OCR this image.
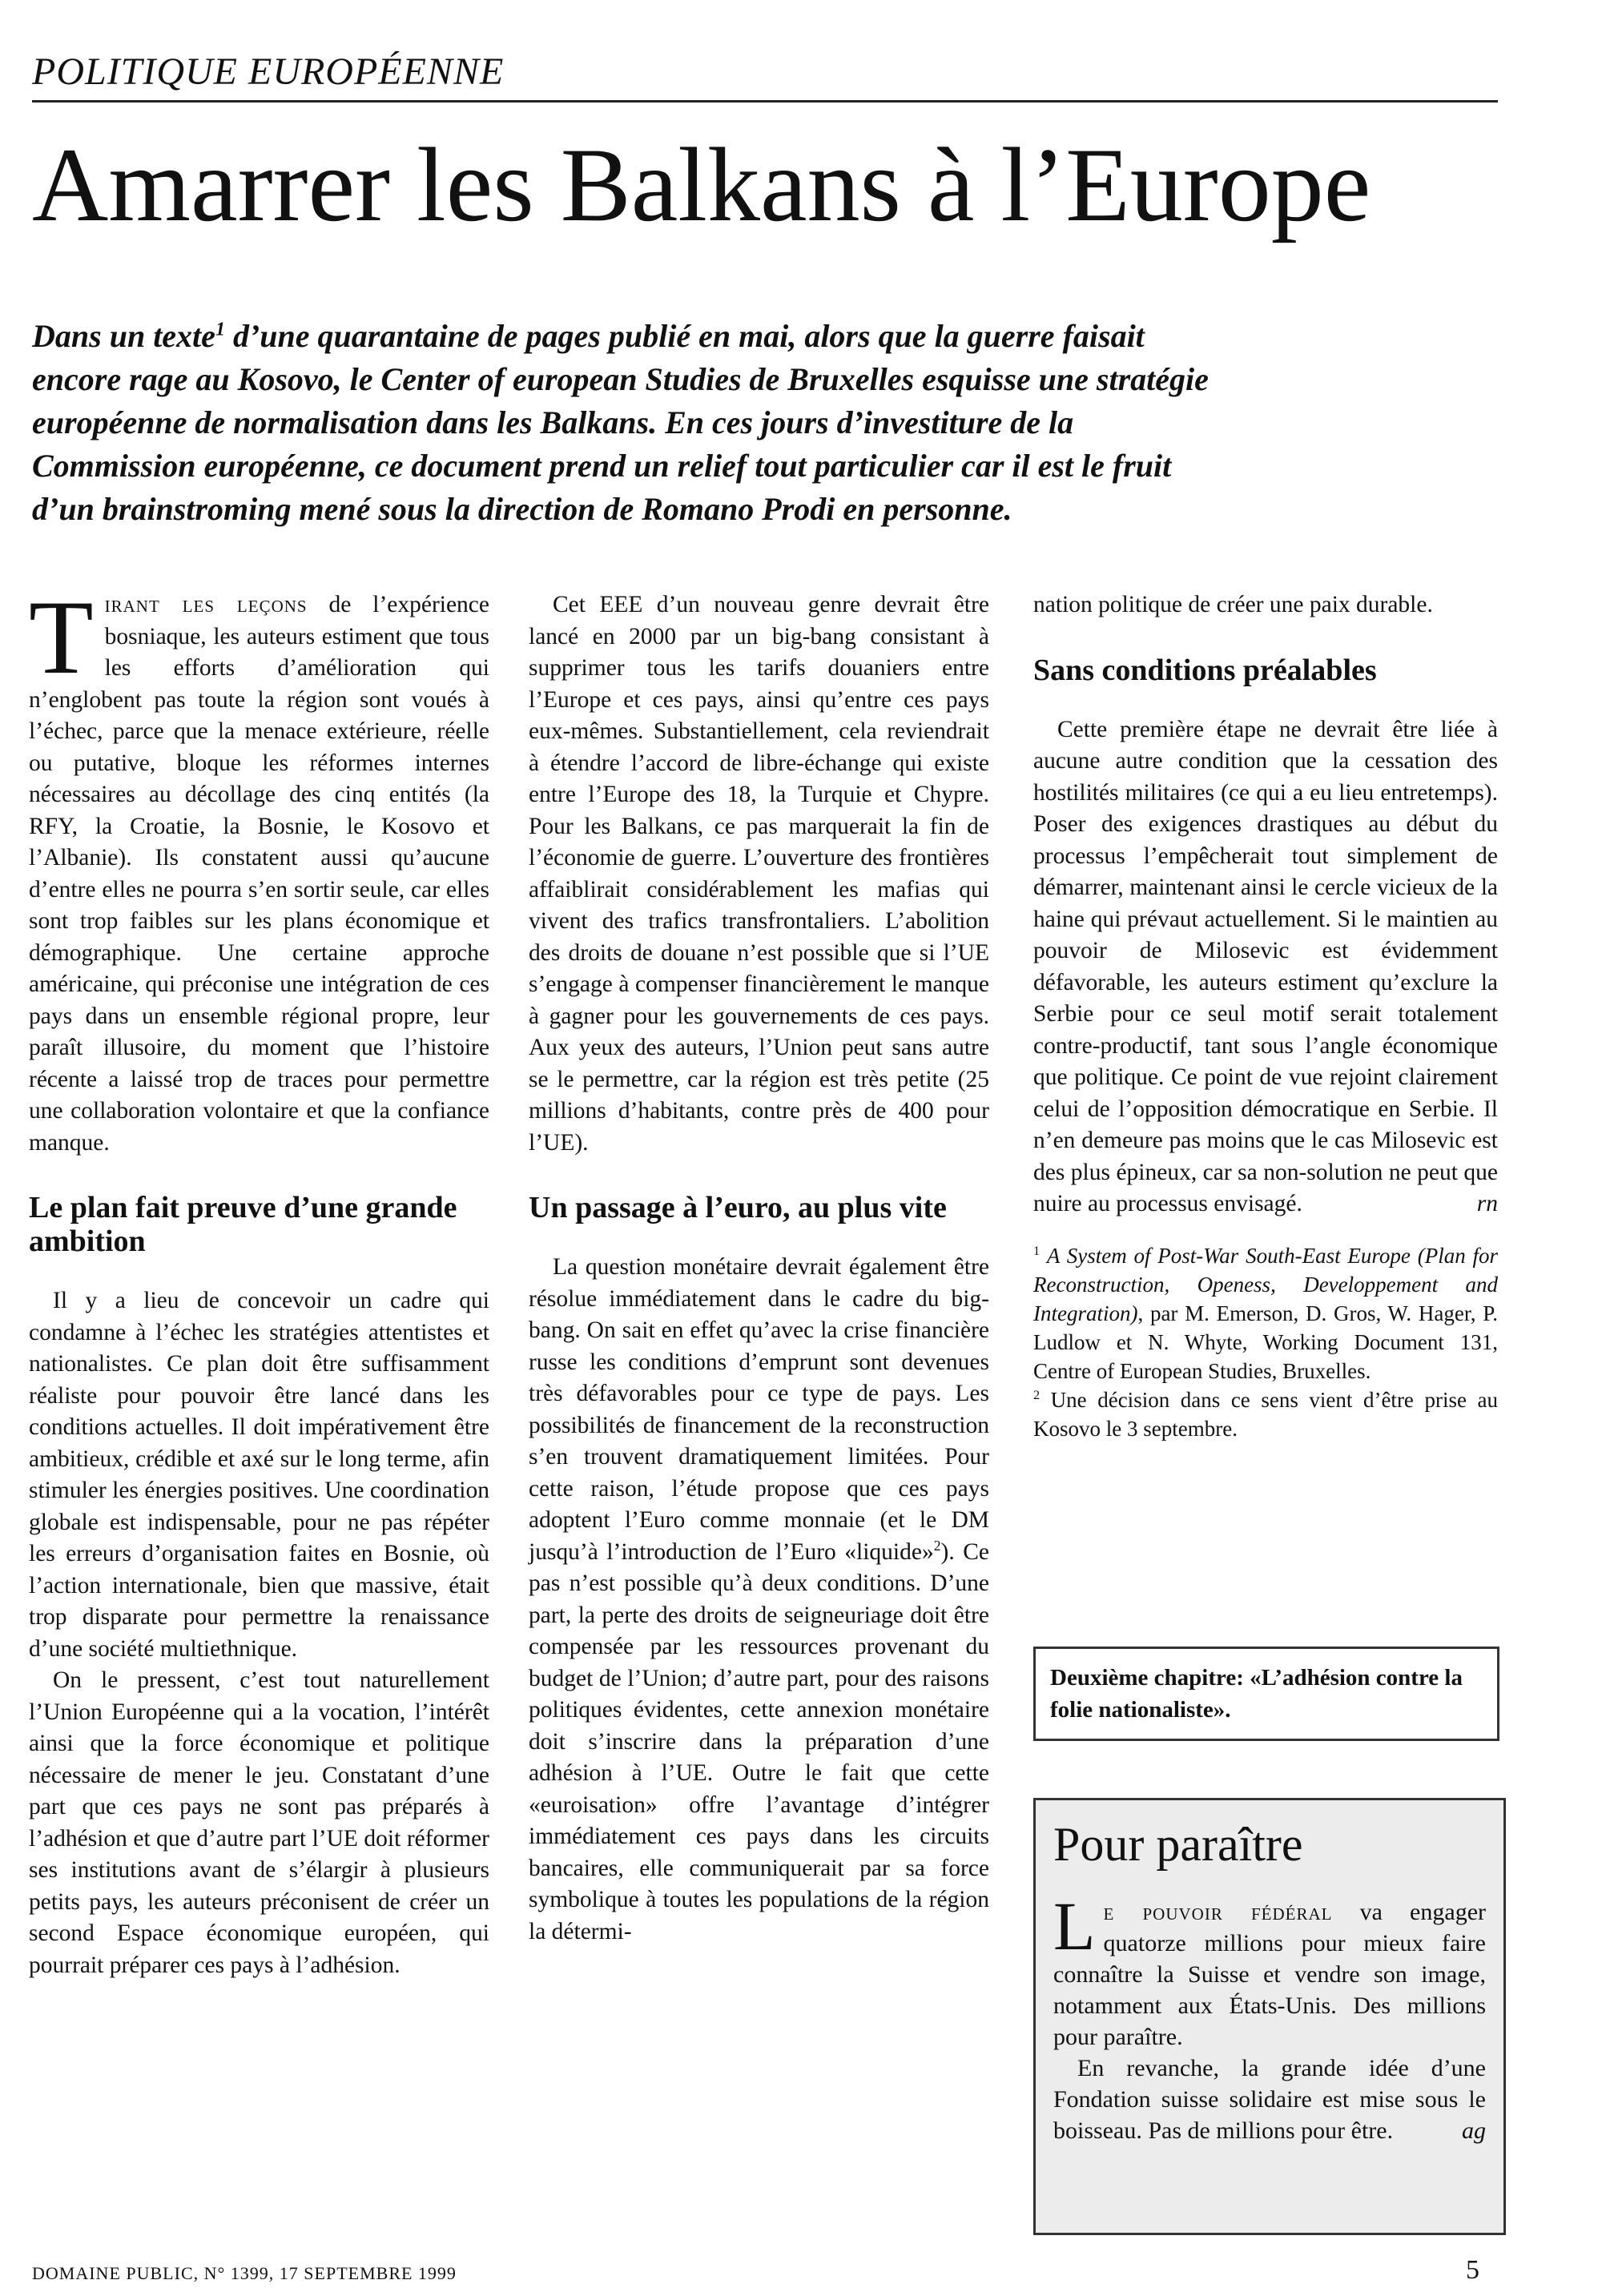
POLITIQUE EUROPÉENNE
Amarrer les Balkans à l’Europe

Dans un texte$^1$ d’une quarantaine de pages publié en mai, alors que la guerre faisait encore rage au Kosovo, le Center of european Studies de Bruxelles esquisse une stratégie européenne de normalisation dans les Balkans. En ces jours d’investiture de la Commission européenne, ce document prend un relief tout particulier car il est le fruit d’un brainstroming mené sous la direction de Romano Prodi en personne.

Tirant les leçons de l’expérience bosniaque, les auteurs estiment que tous les efforts d’amélioration qui n’englobent pas toute la région sont voués à l’échec, parce que la menace extérieure, réelle ou putative, bloque les réformes internes nécessaires au décollage des cinq entités (la RFY, la Croatie, la Bosnie, le Kosovo et l’Albanie). Ils constatent aussi qu’aucune d’entre elles ne pourra s’en sortir seule, car elles sont trop faibles sur les plans économique et démographique. Une certaine approche américaine, qui préconise une intégration de ces pays dans un ensemble régional propre, leur paraît illusoire, du moment que l’histoire récente a laissé trop de traces pour permettre une collaboration volontaire et que la confiance manque.

Le plan fait preuve d’une grande ambition

Il y a lieu de concevoir un cadre qui condamne à l’échec les stratégies attentistes et nationalistes. Ce plan doit être suffisamment réaliste pour pouvoir être lancé dans les conditions actuelles. Il doit impérativement être ambitieux, crédible et axé sur le long terme, afin stimuler les énergies positives. Une coordination globale est indispensable, pour ne pas répéter les erreurs d’organisation faites en Bosnie, où l’action internationale, bien que massive, était trop disparate pour permettre la renaissance d’une société multiethnique.

On le pressent, c’est tout naturellement l’Union Européenne qui a la vocation, l’intérêt ainsi que la force économique et politique nécessaire de mener le jeu. Constatant d’une part que ces pays ne sont pas préparés à l’adhésion et que d’autre part l’UE doit réformer ses institutions avant de s’élargir à plusieurs petits pays, les auteurs préconisent de créer un second Espace économique européen, qui pourrait préparer ces pays à l’adhésion.

Cet EEE d’un nouveau genre devrait être lancé en 2000 par un big-bang consistant à supprimer tous les tarifs douaniers entre l’Europe et ces pays, ainsi qu’entre ces pays eux-mêmes. Substantiellement, cela reviendrait à étendre l’accord de libre-échange qui existe entre l’Europe des 18, la Turquie et Chypre. Pour les Balkans, ce pas marquerait la fin de l’économie de guerre. L’ouverture des frontières affaiblirait considérablement les mafias qui vivent des trafics transfrontaliers. L’abolition des droits de douane n’est possible que si l’UE s’engage à compenser financièrement le manque à gagner pour les gouvernements de ces pays. Aux yeux des auteurs, l’Union peut sans autre se le permettre, car la région est très petite (25 millions d’habitants, contre près de 400 pour l’UE).

Un passage à l’euro, au plus vite

La question monétaire devrait également être résolue immédiatement dans le cadre du big-bang. On sait en effet qu’avec la crise financière russe les conditions d’emprunt sont devenues très défavorables pour ce type de pays. Les possibilités de financement de la reconstruction s’en trouvent dramatiquement limitées. Pour cette raison, l’étude propose que ces pays adoptent l’Euro comme monnaie (et le DM jusqu’à l’introduction de l’Euro «liquide»$^2$). Ce pas n’est possible qu’à deux conditions. D’une part, la perte des droits de seigneuriage doit être compensée par les ressources provenant du budget de l’Union; d’autre part, pour des raisons politiques évidentes, cette annexion monétaire doit s’inscrire dans la préparation d’une adhésion à l’UE. Outre le fait que cette «euroisation» offre l’avantage d’intégrer immédiatement ces pays dans les circuits bancaires, elle communiquerait par sa force symbolique à toutes les populations de la région la détermi-

nation politique de créer une paix durable.

Sans conditions préalables

Cette première étape ne devrait être liée à aucune autre condition que la cessation des hostilités militaires (ce qui a eu lieu entretemps). Poser des exigences drastiques au début du processus l’empêcherait tout simplement de démarrer, maintenant ainsi le cercle vicieux de la haine qui prévaut actuellement. Si le maintien au pouvoir de Milosevic est évidemment défavorable, les auteurs estiment qu’exclure la Serbie pour ce seul motif serait totalement contre-productif, tant sous l’angle économique que politique. Ce point de vue rejoint clairement celui de l’opposition démocratique en Serbie. Il n’en demeure pas moins que le cas Milosevic est des plus épineux, car sa non-solution ne peut que nuire au processus envisagé.	rn

$^1$ A System of Post-War South-East Europe (Plan for Reconstruction, Openess, Developpement and Integration), par M. Emerson, D. Gros, W. Hager, P. Ludlow et N. Whyte, Working Document 131, Centre of European Studies, Bruxelles.

$^2$ Une décision dans ce sens vient d’être prise au Kosovo le 3 septembre.

Deuxième chapitre: «L’adhésion contre la folie nationaliste».
Pour paraître

Le pouvoir fédéral va engager quatorze millions pour mieux faire connaître la Suisse et vendre son image, notamment aux États-Unis. Des millions pour paraître.

En revanche, la grande idée d’une Fondation suisse solidaire est mise sous le boisseau. Pas de millions pour être.	ag

DOMAINE PUBLIC, N° 1399, 17 SEPTEMBRE 1999	5
